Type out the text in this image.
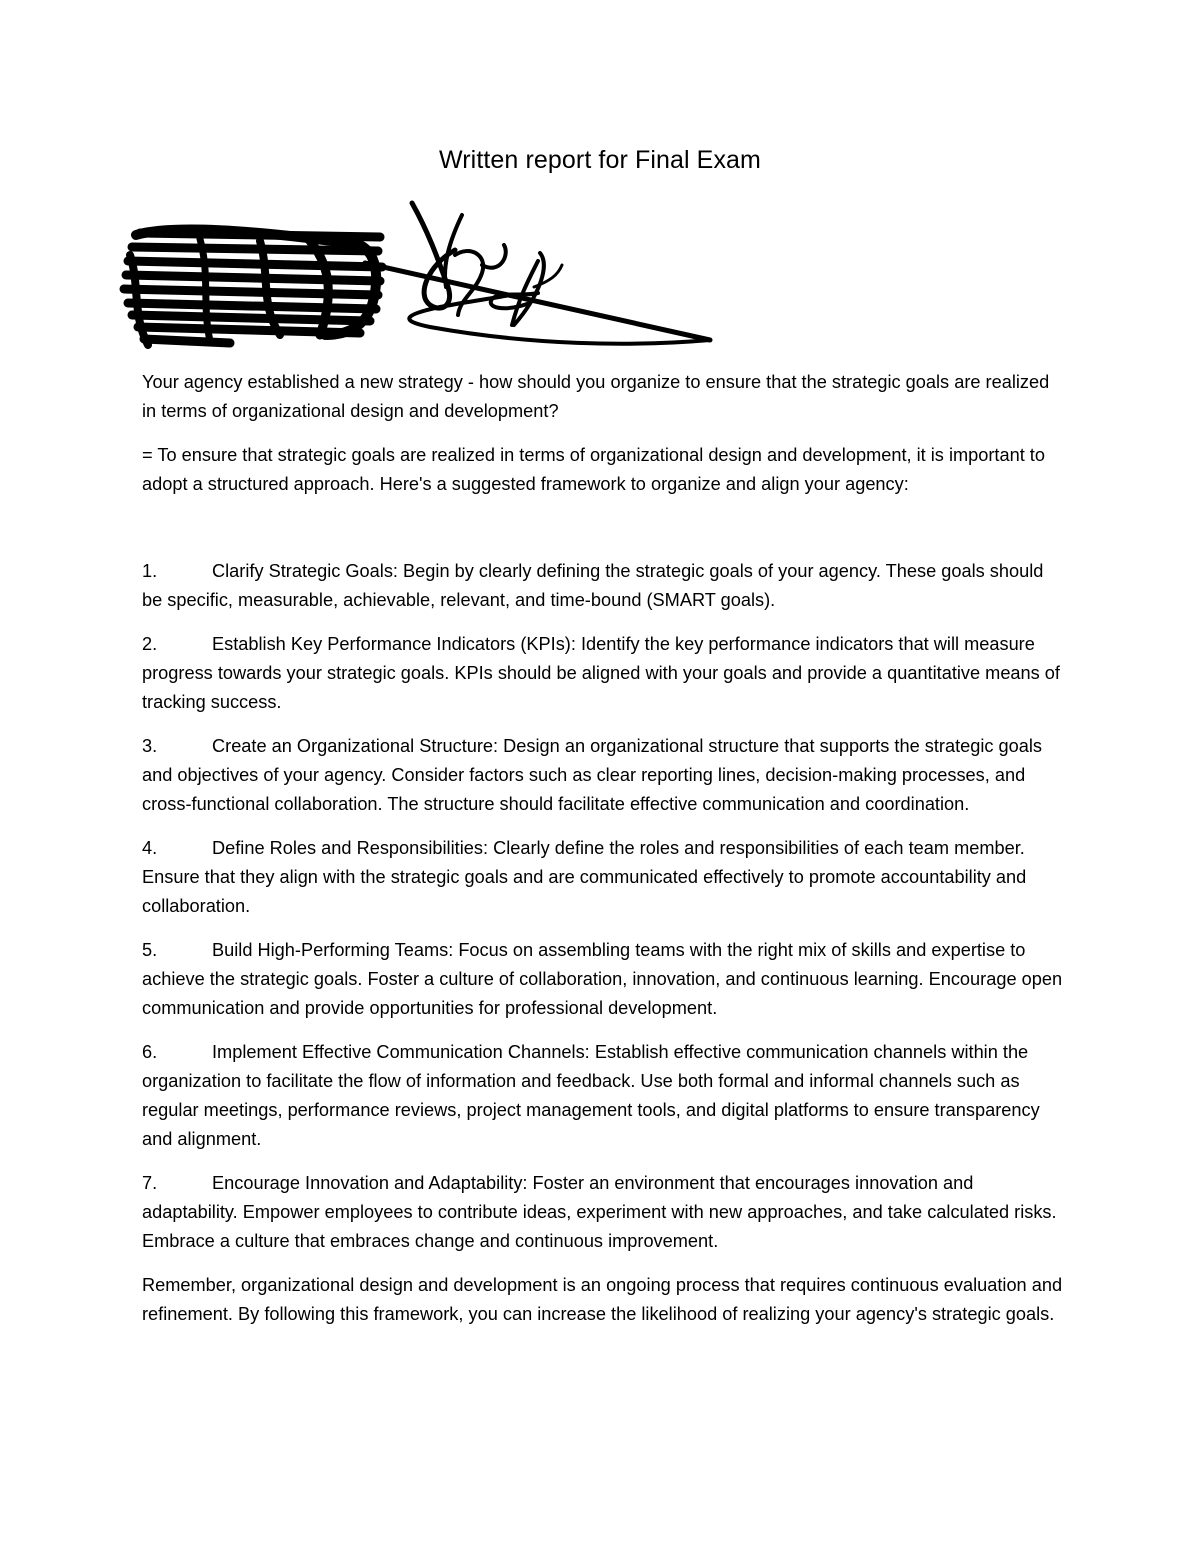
Written report for Final Exam

Your agency established a new strategy - how should you organize to ensure that the strategic goals are realized in terms of organizational design and development?

= To ensure that strategic goals are realized in terms of organizational design and development, it is important to adopt a structured approach. Here's a suggested framework to organize and align your agency:

1.	Clarify Strategic Goals: Begin by clearly defining the strategic goals of your agency. These goals should be specific, measurable, achievable, relevant, and time-bound (SMART goals).

2.	Establish Key Performance Indicators (KPIs): Identify the key performance indicators that will measure progress towards your strategic goals. KPIs should be aligned with your goals and provide a quantitative means of tracking success.

3.	Create an Organizational Structure: Design an organizational structure that supports the strategic goals and objectives of your agency. Consider factors such as clear reporting lines, decision-making processes, and cross-functional collaboration. The structure should facilitate effective communication and coordination.

4.	Define Roles and Responsibilities: Clearly define the roles and responsibilities of each team member. Ensure that they align with the strategic goals and are communicated effectively to promote accountability and collaboration.

5.	Build High-Performing Teams: Focus on assembling teams with the right mix of skills and expertise to achieve the strategic goals. Foster a culture of collaboration, innovation, and continuous learning. Encourage open communication and provide opportunities for professional development.

6.	Implement Effective Communication Channels: Establish effective communication channels within the organization to facilitate the flow of information and feedback. Use both formal and informal channels such as regular meetings, performance reviews, project management tools, and digital platforms to ensure transparency and alignment.

7.	Encourage Innovation and Adaptability: Foster an environment that encourages innovation and adaptability. Empower employees to contribute ideas, experiment with new approaches, and take calculated risks. Embrace a culture that embraces change and continuous improvement.

Remember, organizational design and development is an ongoing process that requires continuous evaluation and refinement. By following this framework, you can increase the likelihood of realizing your agency's strategic goals.
